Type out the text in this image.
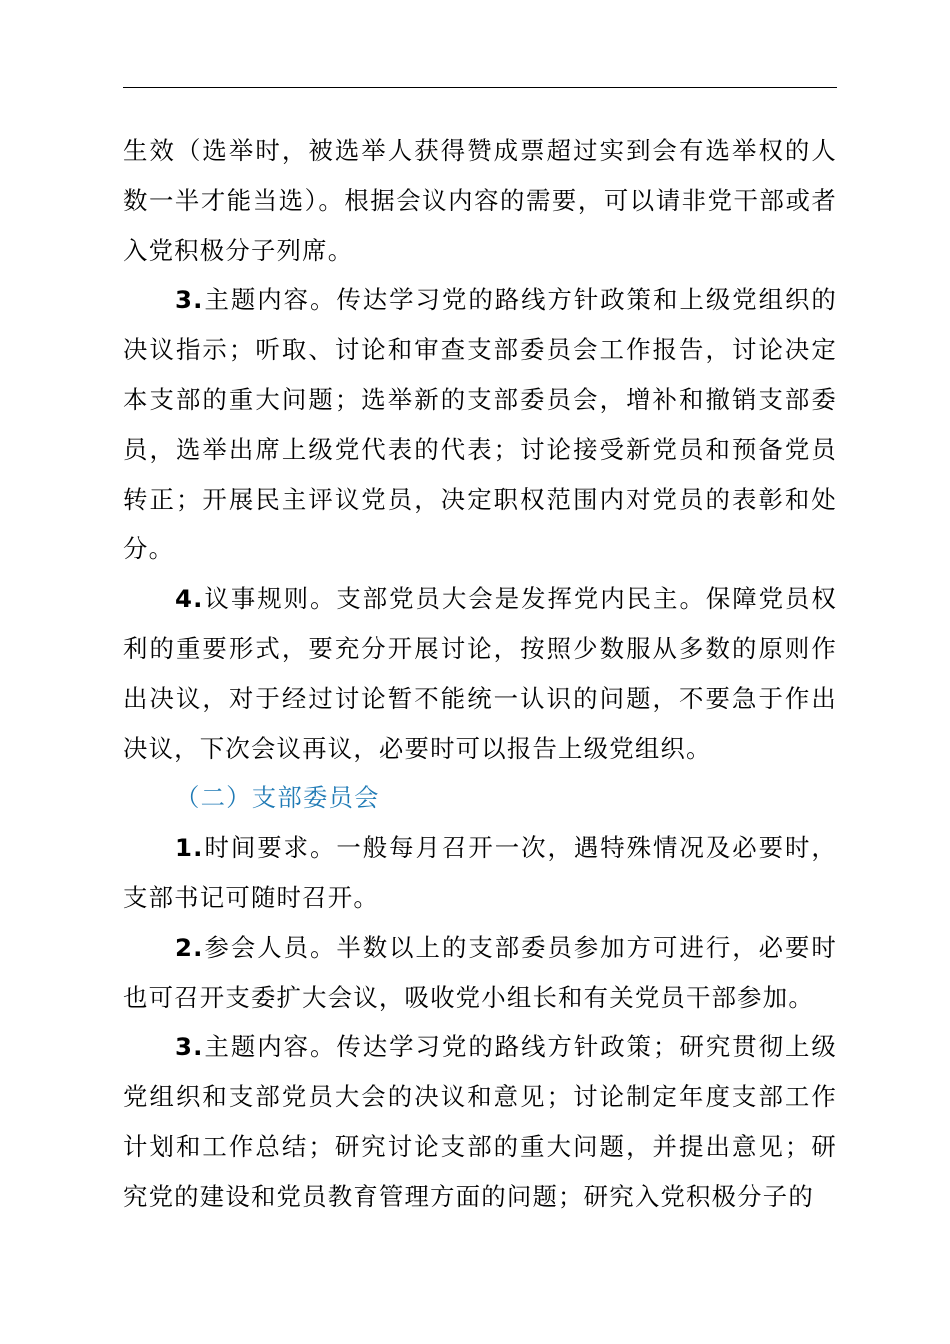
生效（选举时，被选举人获得赞成票超过实到会有选举权的人数一半才能当选）。根据会议内容的需要，可以请非党干部或者入党积极分子列席。

3.主题内容。传达学习党的路线方针政策和上级党组织的决议指示；听取、讨论和审查支部委员会工作报告，讨论决定本支部的重大问题；选举新的支部委员会，增补和撤销支部委员，选举出席上级党代表的代表；讨论接受新党员和预备党员转正；开展民主评议党员，决定职权范围内对党员的表彰和处分。

4.议事规则。支部党员大会是发挥党内民主。保障党员权利的重要形式，要充分开展讨论，按照少数服从多数的原则作出决议，对于经过讨论暂不能统一认识的问题，不要急于作出决议，下次会议再议，必要时可以报告上级党组织。

（二）支部委员会

1.时间要求。一般每月召开一次，遇特殊情况及必要时，支部书记可随时召开。

2.参会人员。半数以上的支部委员参加方可进行，必要时也可召开支委扩大会议，吸收党小组长和有关党员干部参加。

3.主题内容。传达学习党的路线方针政策；研究贯彻上级党组织和支部党员大会的决议和意见；讨论制定年度支部工作计划和工作总结；研究讨论支部的重大问题，并提出意见；研究党的建设和党员教育管理方面的问题；研究入党积极分子的
